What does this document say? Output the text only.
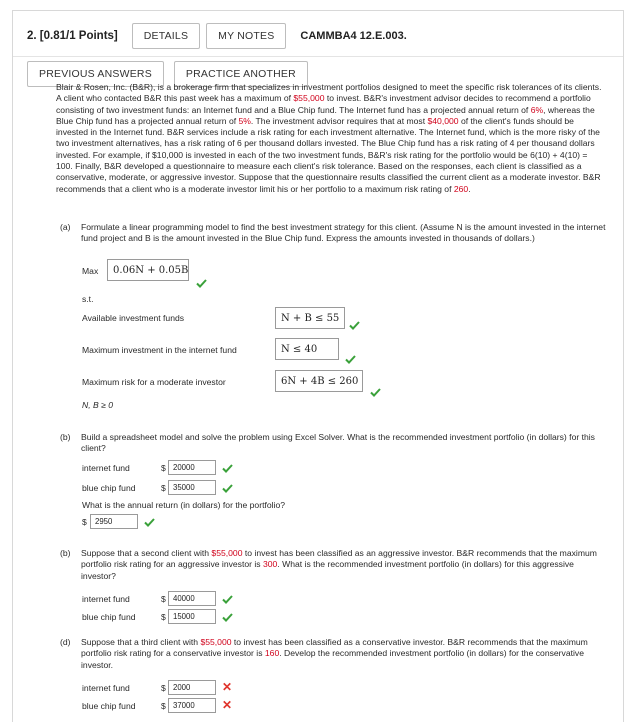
2. [0.81/1 Points]	DETAILS	MY NOTES	CAMMBA4 12.E.003.
PREVIOUS ANSWERS	PRACTICE ANOTHER

Blair & Rosen, Inc. (B&R), is a brokerage firm that specializes in investment portfolios designed to meet the specific risk tolerances of its clients. A client who contacted B&R this past week has a maximum of $55,000 to invest. B&R's investment advisor decides to recommend a portfolio consisting of two investment funds: an Internet fund and a Blue Chip fund. The Internet fund has a projected annual return of 6%, whereas the Blue Chip fund has a projected annual return of 5%. The investment advisor requires that at most $40,000 of the client's funds should be invested in the Internet fund. B&R services include a risk rating for each investment alternative. The Internet fund, which is the more risky of the two investment alternatives, has a risk rating of 6 per thousand dollars invested. The Blue Chip fund has a risk rating of 4 per thousand dollars invested. For example, if $10,000 is invested in each of the two investment funds, B&R's risk rating for the portfolio would be 6(10) + 4(10) = 100. Finally, B&R developed a questionnaire to measure each client's risk tolerance. Based on the responses, each client is classified as a conservative, moderate, or aggressive investor. Suppose that the questionnaire results classified the current client as a moderate investor. B&R recommends that a client who is a moderate investor limit his or her portfolio to a maximum risk rating of 260.

(a) Formulate a linear programming model to find the best investment strategy for this client. (Assume N is the amount invested in the internet fund project and B is the amount invested in the Blue Chip fund. Express the amounts invested in thousands of dollars.)

Max	0.06N + 0.05B
s.t.
Available investment funds	N + B ≤ 55
Maximum investment in the internet fund	N ≤ 40
Maximum risk for a moderate investor	6N + 4B ≤ 260
N, B ≥ 0
(b) Build a spreadsheet model and solve the problem using Excel Solver. What is the recommended investment portfolio (in dollars) for this client?

internet fund	$ 20000
blue chip fund	$ 35000
What is the annual return (in dollars) for the portfolio?
$	2950
(b) Suppose that a second client with $55,000 to invest has been classified as an aggressive investor. B&R recommends that the maximum portfolio risk rating for an aggressive investor is 300. What is the recommended investment portfolio (in dollars) for this aggressive investor?

internet fund	$ 40000
blue chip fund	$ 15000
(d) Suppose that a third client with $55,000 to invest has been classified as a conservative investor. B&R recommends that the maximum portfolio risk rating for a conservative investor is 160. Develop the recommended investment portfolio (in dollars) for the conservative investor.

internet fund	$ 2000	✕
blue chip fund	$ 37000	✕
